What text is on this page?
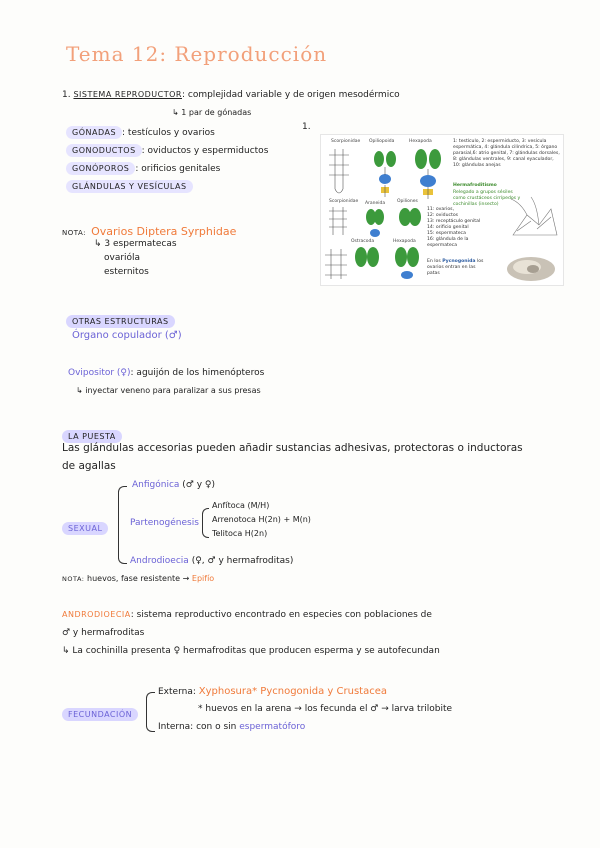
Tema 12: Reproducción
1. SISTEMA REPRODUCTOR: complejidad variable y de origen mesodérmico
↳ 1 par de gónadas
GÓNADAS : testículos y ovarios
GONODUCTOS : oviductos y espermiductos
GONÓPOROS : orificios genitales
GLÁNDULAS Y VESÍCULAS
NOTA: Ovarios Diptera Syrphidae
↳ 3 espermatecas
ovarióla
esternitos
1.
Scorpionidae Opiliopoida	Hexapoda
Scorpionidae Araneida	Opiliones
Ostracoda	Hexapoda
1: testículo, 2: espermiducto, 3: vesícula espermática, 4: glándula cilíndrica, 5: órgano parasial,6: atrio genital, 7: glándulas dorsales, 8: glándulas ventrales, 9: canal eyaculador, 10: glándulas anejas
11: ovarios,
12: oviductos
13: receptáculo genital
14: orificio genital
15: espermateca
16: glándula de la espermateca
Hermafroditismo
Relegado a grupos sésiles como crustáceos cirrípedos y cochinillas (insecto)
En los Pycnogonida los ovarios entran en las patas
OTRAS ESTRUCTURAS
Órgano copulador (♂)
Ovipositor (♀): aguijón de los himenópteros
↳ inyectar veneno para paralizar a sus presas
LA PUESTA
Las glándulas accesorias pueden añadir sustancias adhesivas, protectoras o inductoras
de agallas
SEXUAL
Anfigónica (♂ y ♀)
Partenogénesis
Anfítoca (M/H)
Arrenotoca H(2n) + M(n)
Telitoca H(2n)
Androdioecia (♀, ♂ y hermafroditas)
NOTA: huevos, fase resistente → Epifío
ANDRODIOECIA: sistema reproductivo encontrado en especies con poblaciones de
♂ y hermafroditas
↳ La cochinilla presenta ♀ hermafroditas que producen esperma y se autofecundan
FECUNDACIÓN
Externa: Xyphosura* Pycnogonida y Crustacea
* huevos en la arena → los fecunda el ♂ → larva trilobite
Interna: con o sin espermatóforo
